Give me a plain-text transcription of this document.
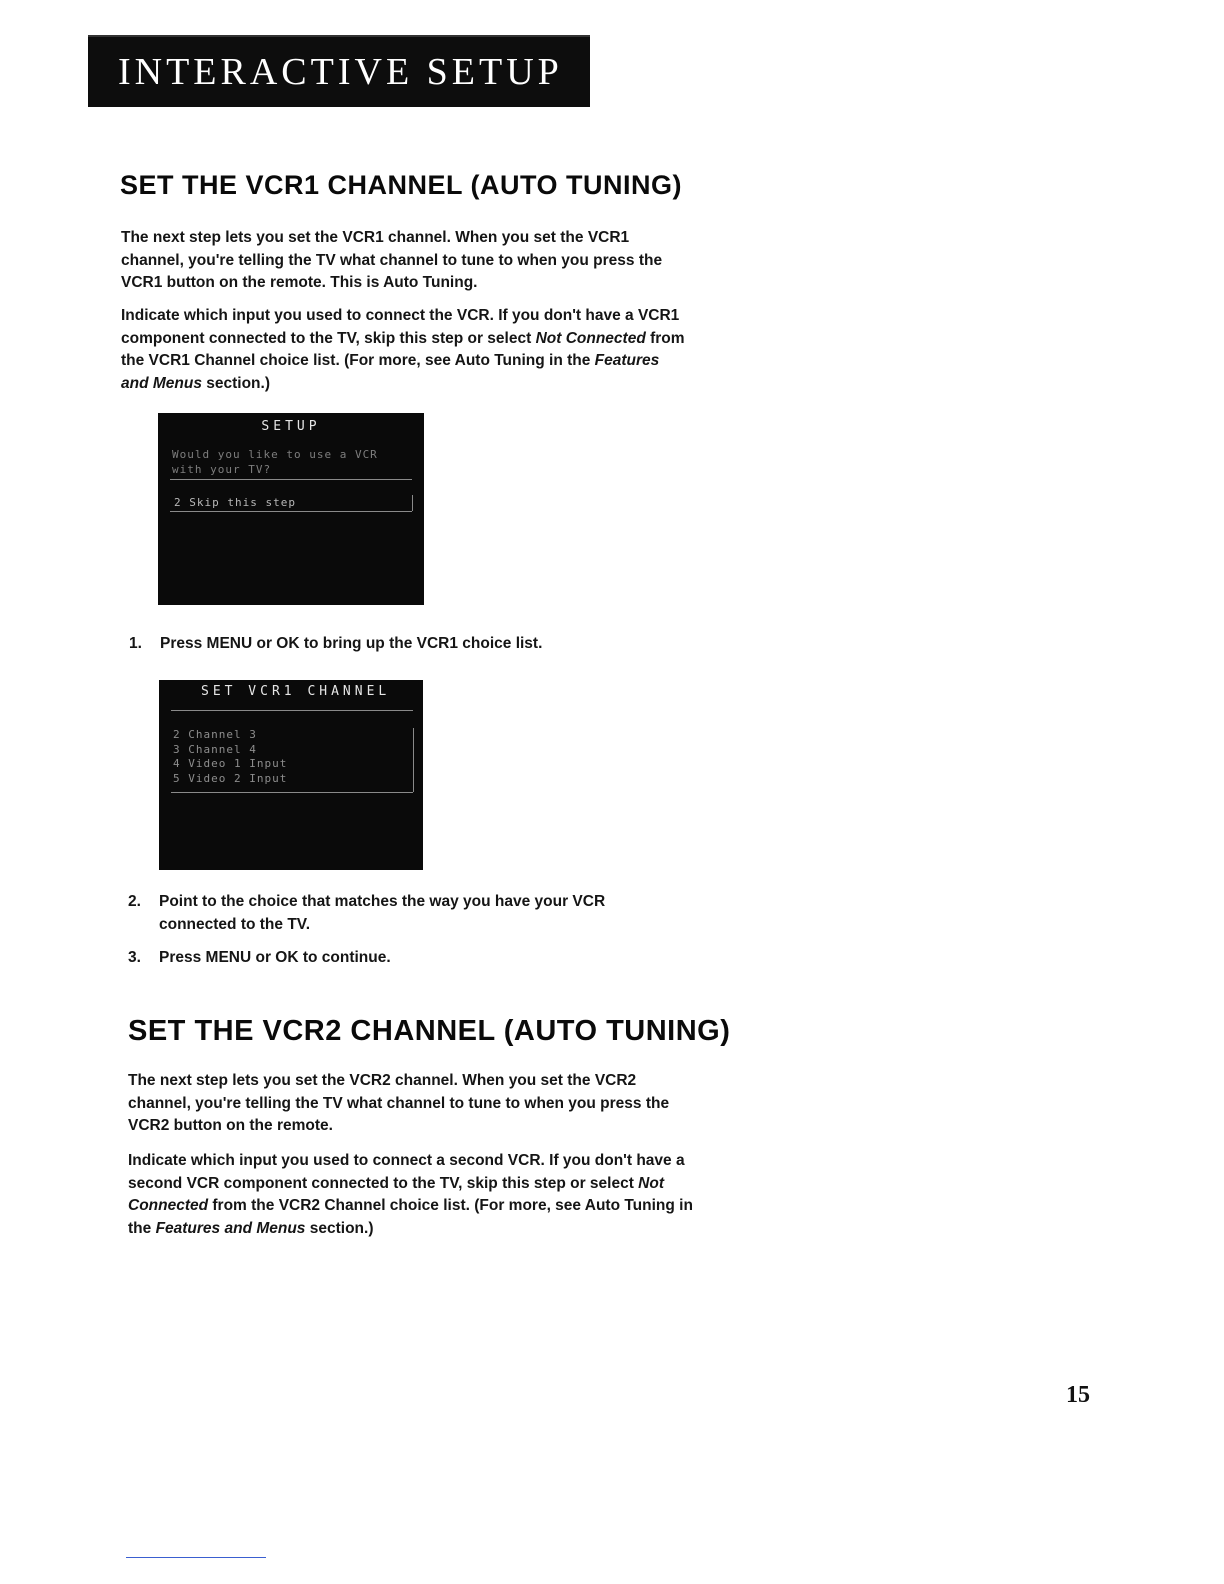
INTERACTIVE SETUP
SET THE VCR1 CHANNEL (AUTO TUNING)
The next step lets you set the VCR1 channel. When you set the VCR1 channel, you're telling the TV what channel to tune to when you press the VCR1 button on the remote. This is Auto Tuning.
Indicate which input you used to connect the VCR. If you don't have a VCR1 component connected to the TV, skip this step or select Not Connected from the VCR1 Channel choice list. (For more, see Auto Tuning in the Features and Menus section.)
SETUP
Would you like to use a VCR with your TV?
2 Skip this step
1. Press MENU or OK to bring up the VCR1 choice list.
SET VCR1 CHANNEL
2 Channel 3
3 Channel 4
4 Video 1 Input
5 Video 2 Input
2. Point to the choice that matches the way you have your VCR connected to the TV.
3. Press MENU or OK to continue.
SET THE VCR2 CHANNEL (AUTO TUNING)
The next step lets you set the VCR2 channel. When you set the VCR2 channel, you're telling the TV what channel to tune to when you press the VCR2 button on the remote.
Indicate which input you used to connect a second VCR. If you don't have a second VCR component connected to the TV, skip this step or select Not Connected from the VCR2 Channel choice list. (For more, see Auto Tuning in the Features and Menus section.)
15
